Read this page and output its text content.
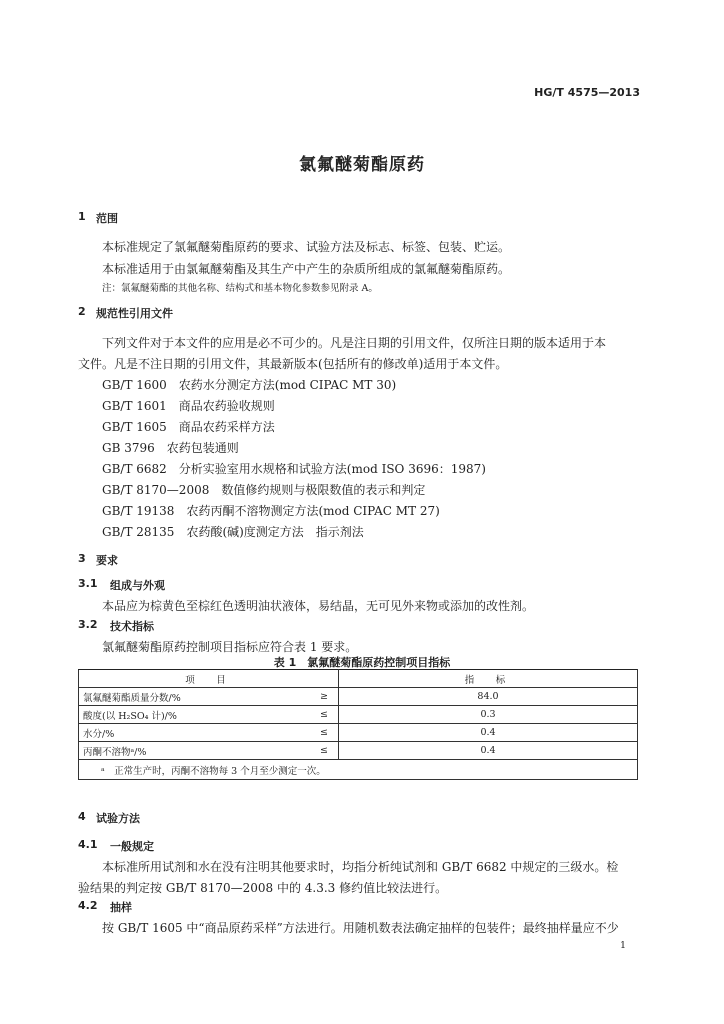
HG/T 4575—2013
氯氟醚菊酯原药
1 范围
本标准规定了氯氟醚菊酯原药的要求、试验方法及标志、标签、包装、贮运。
本标准适用于由氯氟醚菊酯及其生产中产生的杂质所组成的氯氟醚菊酯原药。
注：氯氟醚菊酯的其他名称、结构式和基本物化参数参见附录 A。
2 规范性引用文件
下列文件对于本文件的应用是必不可少的。凡是注日期的引用文件，仅所注日期的版本适用于本
文件。凡是不注日期的引用文件，其最新版本(包括所有的修改单)适用于本文件。
GB/T 1600　农药水分测定方法(mod CIPAC MT 30)
GB/T 1601　商品农药验收规则
GB/T 1605　商品农药采样方法
GB 3796　农药包装通则
GB/T 6682　分析实验室用水规格和试验方法(mod ISO 3696：1987)
GB/T 8170—2008　数值修约规则与极限数值的表示和判定
GB/T 19138　农药丙酮不溶物测定方法(mod CIPAC MT 27)
GB/T 28135　农药酸(碱)度测定方法　指示剂法
3 要求
3.1 组成与外观
本品应为棕黄色至棕红色透明油状液体，易结晶，无可见外来物或添加的改性剂。
3.2 技术指标
氯氟醚菊酯原药控制项目指标应符合表 1 要求。
表 1　氯氟醚菊酯原药控制项目指标
项　目		指　标
氯氟醚菊酯质量分数/%	≥	84.0
酸度(以 H₂SO₄ 计)/%	≤	0.3
水分/%	≤	0.4
丙酮不溶物ᵃ/%	≤	0.4
ᵃ　正常生产时，丙酮不溶物每 3 个月至少测定一次。		
4 试验方法
4.1 一般规定
本标准所用试剂和水在没有注明其他要求时，均指分析纯试剂和 GB/T 6682 中规定的三级水。检
验结果的判定按 GB/T 8170—2008 中的 4.3.3 修约值比较法进行。
4.2 抽样
按 GB/T 1605 中“商品原药采样”方法进行。用随机数表法确定抽样的包装件；最终抽样量应不少
1
